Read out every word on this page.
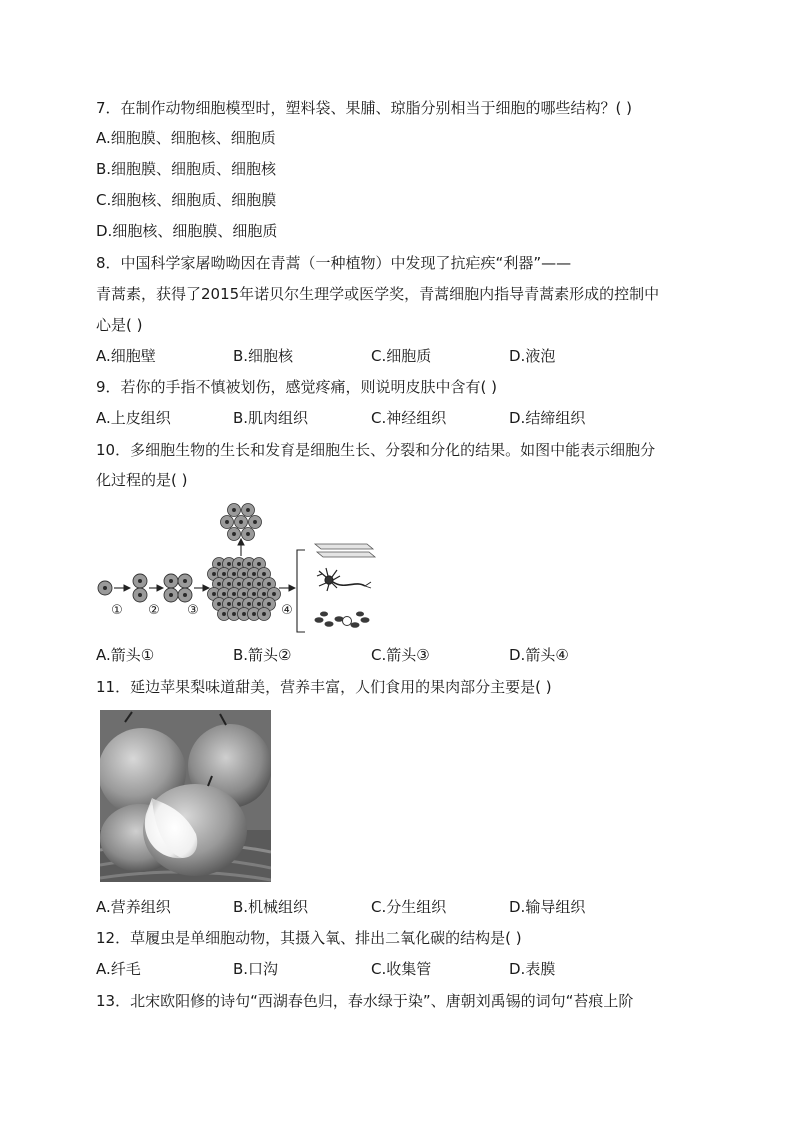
7．在制作动物细胞模型时，塑料袋、果脯、琼脂分别相当于细胞的哪些结构？( )
A.细胞膜、细胞核、细胞质
B.细胞膜、细胞质、细胞核
C.细胞核、细胞质、细胞膜
D.细胞核、细胞膜、细胞质
8．中国科学家屠呦呦因在青蒿（一种植物）中发现了抗疟疾“利器”——
青蒿素，获得了2015年诺贝尔生理学或医学奖，青蒿细胞内指导青蒿素形成的控制中
心是( )
A.细胞壁	B.细胞核	C.细胞质	D.液泡
9．若你的手指不慎被划伤，感觉疼痛，则说明皮肤中含有( )
A.上皮组织	B.肌肉组织	C.神经组织	D.结缔组织
10．多细胞生物的生长和发育是细胞生长、分裂和分化的结果。如图中能表示细胞分
化过程的是( )
① ② ③	④
A.箭头①	B.箭头②	C.箭头③	D.箭头④
11．延边苹果梨味道甜美，营养丰富，人们食用的果肉部分主要是( )
A.营养组织	B.机械组织	C.分生组织	D.输导组织
12．草履虫是单细胞动物，其摄入氧、排出二氧化碳的结构是( )
A.纤毛	B.口沟	C.收集管	D.表膜
13．北宋欧阳修的诗句“西湖春色归，春水绿于染”、唐朝刘禹锡的词句“苔痕上阶
